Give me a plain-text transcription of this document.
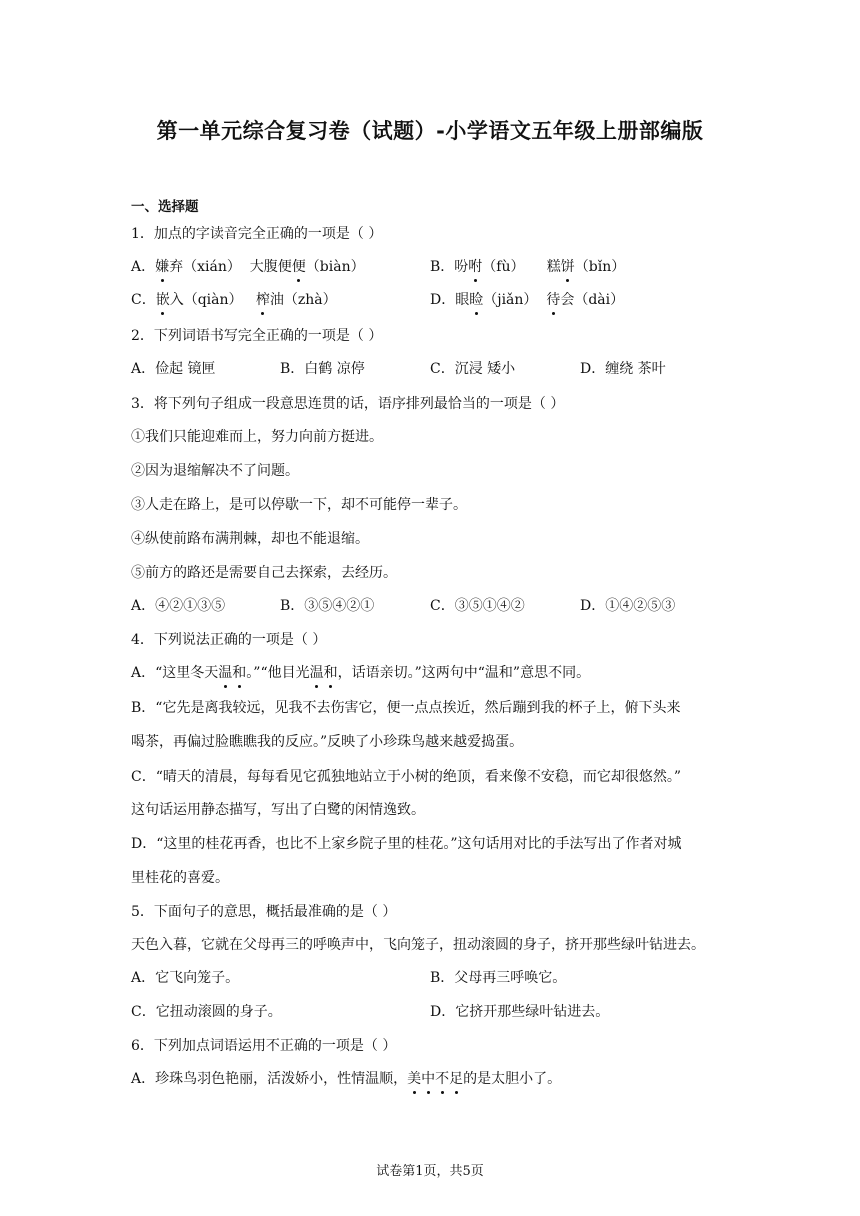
第一单元综合复习卷（试题）-小学语文五年级上册部编版
一、选择题
1．加点的字读音完全正确的一项是（ ）
A．嫌弃（xián） 大腹便便（biàn）	B．吩咐（fù） 糕饼（bǐn）
C．嵌入（qiàn） 榨油（zhà）	D．眼睑（jiǎn） 待会（dài）
2．下列词语书写完全正确的一项是（ ）
A．俭起 镜匣	B．白鹤 凉停	C．沉浸 矮小	D．缠绕 茶叶
3．将下列句子组成一段意思连贯的话，语序排列最恰当的一项是（ ）
①我们只能迎难而上，努力向前方挺进。
②因为退缩解决不了问题。
③人走在路上，是可以停歇一下，却不可能停一辈子。
④纵使前路布满荆棘，却也不能退缩。
⑤前方的路还是需要自己去探索，去经历。
A．④②①③⑤	B．③⑤④②①	C．③⑤①④②	D．①④②⑤③
4．下列说法正确的一项是（ ）
A．“这里冬天温和。”“他目光温和，话语亲切。”这两句中“温和”意思不同。
B．“它先是离我较远，见我不去伤害它，便一点点挨近，然后蹦到我的杯子上，俯下头来
喝茶，再偏过脸瞧瞧我的反应。”反映了小珍珠鸟越来越爱捣蛋。
C．“晴天的清晨，每每看见它孤独地站立于小树的绝顶，看来像不安稳，而它却很悠然。”
这句话运用静态描写，写出了白鹭的闲情逸致。
D．“这里的桂花再香，也比不上家乡院子里的桂花。”这句话用对比的手法写出了作者对城
里桂花的喜爱。
5．下面句子的意思，概括最准确的是（ ）
天色入暮，它就在父母再三的呼唤声中，飞向笼子，扭动滚圆的身子，挤开那些绿叶钻进去。
A．它飞向笼子。	B．父母再三呼唤它。
C．它扭动滚圆的身子。	D．它挤开那些绿叶钻进去。
6．下列加点词语运用不正确的一项是（ ）
A．珍珠鸟羽色艳丽，活泼娇小，性情温顺，美中不足的是太胆小了。
试卷第1页，共5页
